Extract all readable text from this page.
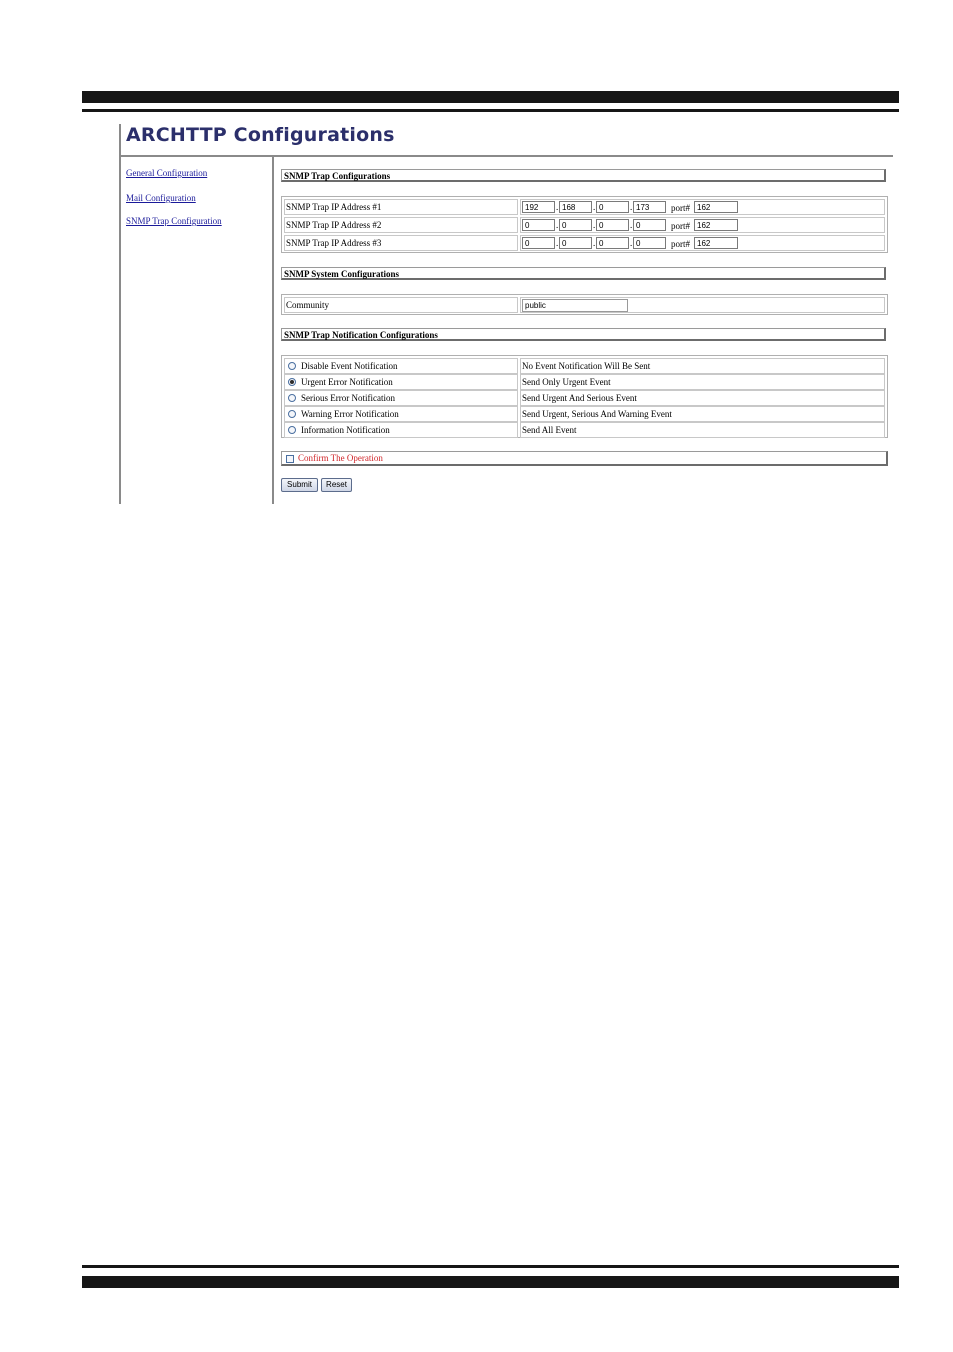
ARCHTTP Configurations
General Configuration
Mail Configuration
SNMP Trap Configuration
SNMP Trap Configurations
SNMP Trap IP Address #1	192	. 168	. 0	. 173	port# 162
SNMP Trap IP Address #2	0	. 0	. 0	. 0	port# 162
SNMP Trap IP Address #3	0	. 0	. 0	. 0	port# 162
SNMP System Configurations
Community	public
SNMP Trap Notification Configurations
Disable Event Notification	No Event Notification Will Be Sent
Urgent Error Notification	Send Only Urgent Event
Serious Error Notification	Send Urgent And Serious Event
Warning Error Notification	Send Urgent, Serious And Warning Event
Information Notification	Send All Event
Confirm The Operation
Submit	Reset
